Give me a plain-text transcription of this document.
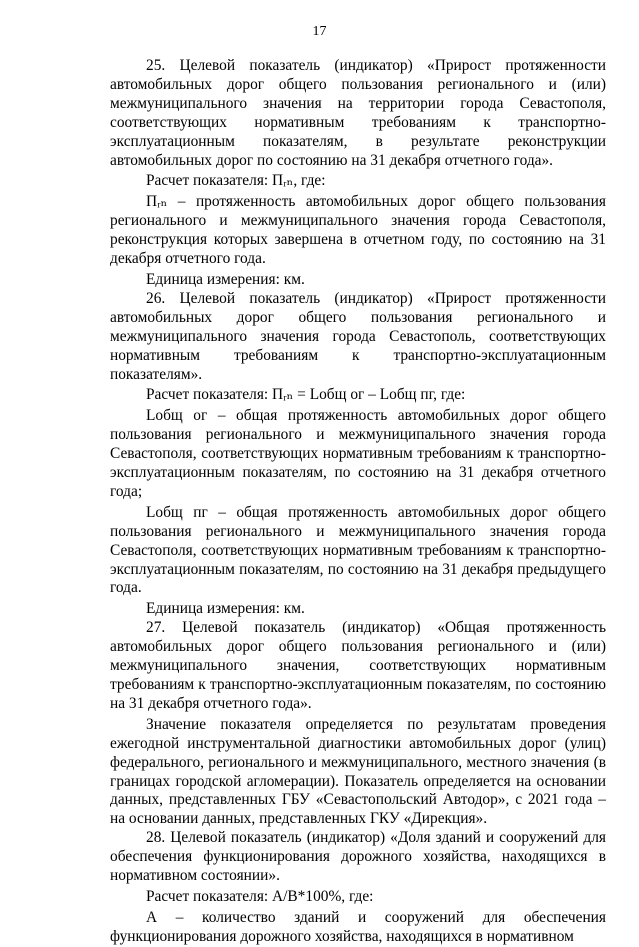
17

25. Целевой показатель (индикатор) «Прирост протяженности автомобильных дорог общего пользования регионального и (или) межмуниципального значения на территории города Севастополя, соответствующих нормативным требованиям к транспортно-эксплуатационным показателям, в результате реконструкции автомобильных дорог по состоянию на 31 декабря отчетного года».

Расчет показателя: Пᵣₙ, где:

Пᵣₙ – протяженность автомобильных дорог общего пользования регионального и межмуниципального значения города Севастополя, реконструкция которых завершена в отчетном году, по состоянию на 31 декабря отчетного года.

Единица измерения: км.

26. Целевой показатель (индикатор) «Прирост протяженности автомобильных дорог общего пользования регионального и межмуниципального значения города Севастополь, соответствующих нормативным требованиям к транспортно-эксплуатационным показателям».

Расчет показателя: Пᵣₙ = Lобщ ог – Lобщ пг, где:

Lобщ ог – общая протяженность автомобильных дорог общего пользования регионального и межмуниципального значения города Севастополя, соответствующих нормативным требованиям к транспортно-эксплуатационным показателям, по состоянию на 31 декабря отчетного года;

Lобщ пг – общая протяженность автомобильных дорог общего пользования регионального и межмуниципального значения города Севастополя, соответствующих нормативным требованиям к транспортно-эксплуатационным показателям, по состоянию на 31 декабря предыдущего года.

Единица измерения: км.

27. Целевой показатель (индикатор) «Общая протяженность автомобильных дорог общего пользования регионального и (или) межмуниципального значения, соответствующих нормативным требованиям к транспортно-эксплуатационным показателям, по состоянию на 31 декабря отчетного года».

Значение показателя определяется по результатам проведения ежегодной инструментальной диагностики автомобильных дорог (улиц) федерального, регионального и межмуниципального, местного значения (в границах городской агломерации). Показатель определяется на основании данных, представленных ГБУ «Севастопольский Автодор», с 2021 года – на основании данных, представленных ГКУ «Дирекция».

28. Целевой показатель (индикатор) «Доля зданий и сооружений для обеспечения функционирования дорожного хозяйства, находящихся в нормативном состоянии».

Расчет показателя: А/В*100%, где:

А – количество зданий и сооружений для обеспечения функционирования дорожного хозяйства, находящихся в нормативном
